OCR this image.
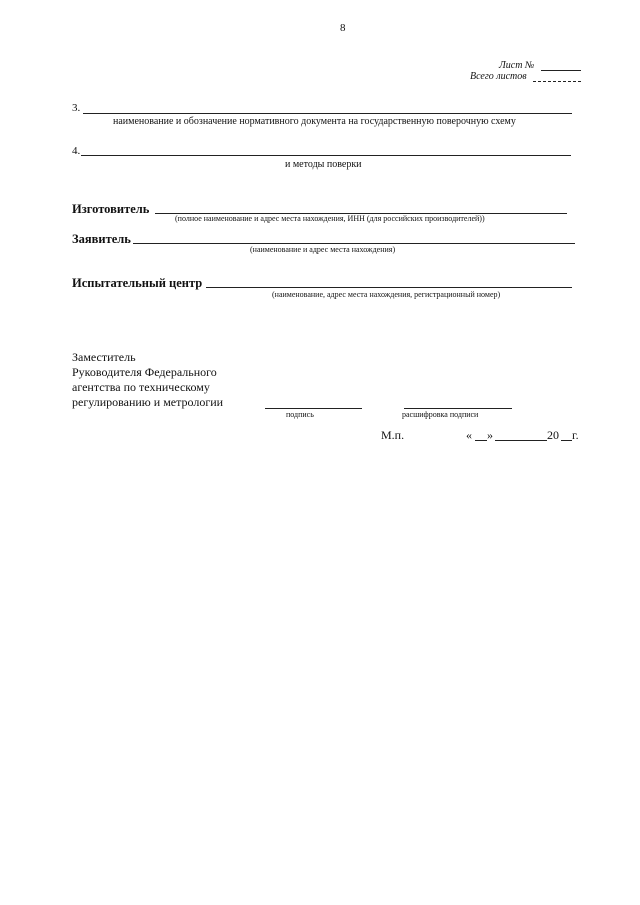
8
Лист №
Всего листов
3.
наименование и обозначение нормативного документа на государственную поверочную схему
4.
и методы поверки
Изготовитель
(полное наименование и адрес места нахождения, ИНН (для российских производителей))
Заявитель
(наименование и адрес места нахождения)
Испытательный центр
(наименование, адрес места нахождения, регистрационный номер)
Заместитель
Руководителя Федерального
агентства по техническому
регулированию и метрологии
подпись	расшифровка подписи
М.п.	« »	20 г.
